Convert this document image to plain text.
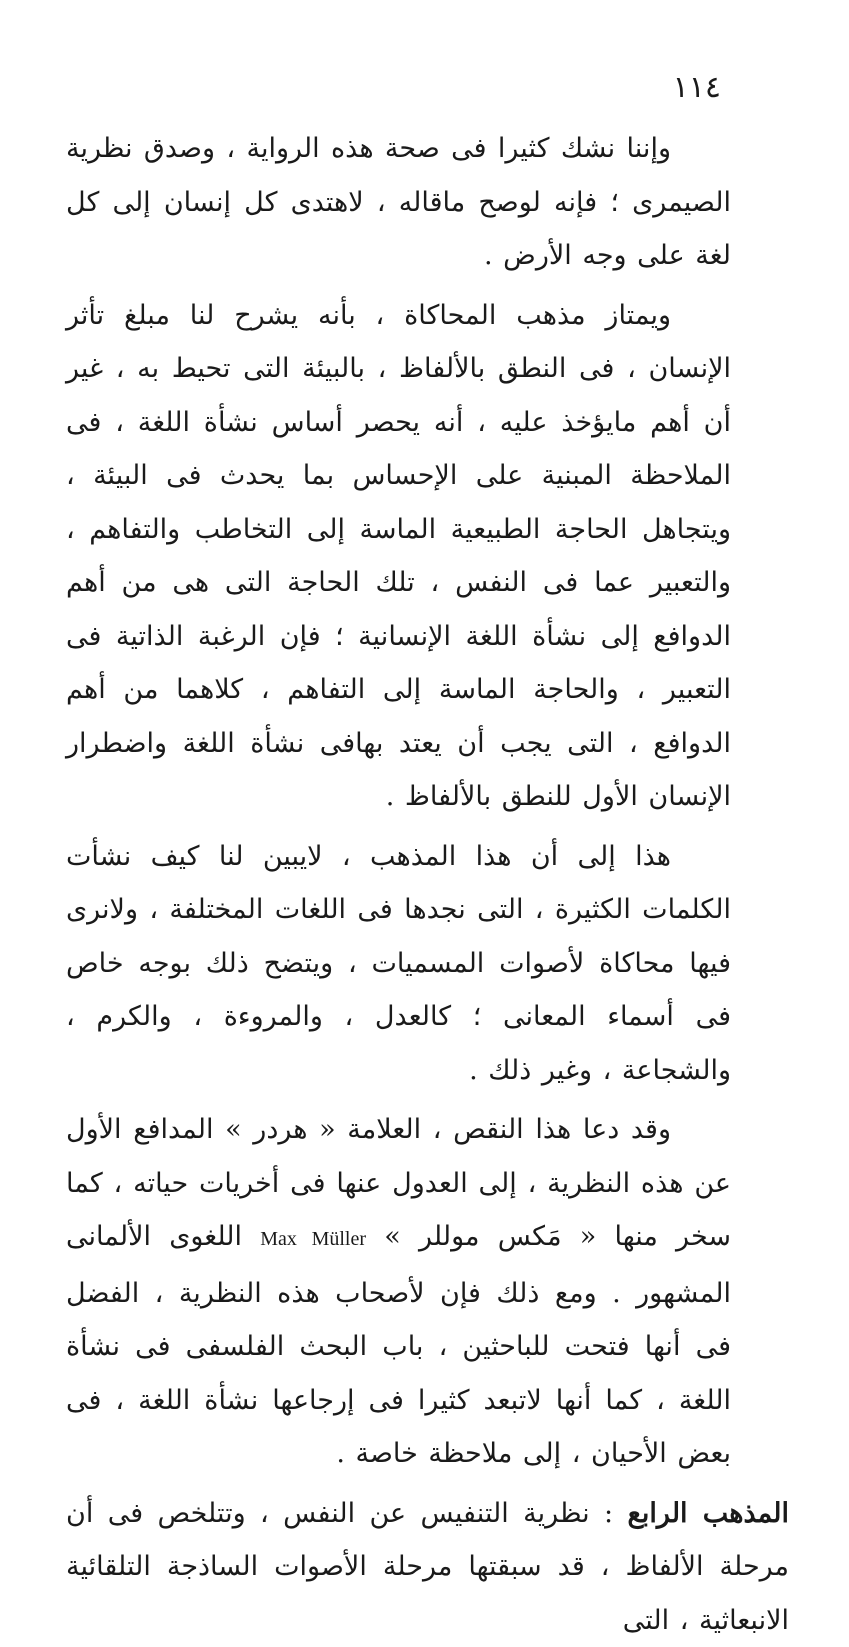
١١٤

وإننا نشك كثيرا فى صحة هذه الرواية ، وصدق نظرية الصيمرى ؛ فإنه لوصح ماقاله ، لاهتدى كل إنسان إلى كل لغة على وجه الأرض .

ويمتاز مذهب المحاكاة ، بأنه يشرح لنا مبلغ تأثر الإنسان ، فى النطق بالألفاظ ، بالبيئة التى تحيط به ، غير أن أهم مايؤخذ عليه ، أنه يحصر أساس نشأة اللغة ، فى الملاحظة المبنية على الإحساس بما يحدث فى البيئة ، ويتجاهل الحاجة الطبيعية الماسة إلى التخاطب والتفاهم ، والتعبير عما فى النفس ، تلك الحاجة التى هى من أهم الدوافع إلى نشأة اللغة الإنسانية ؛ فإن الرغبة الذاتية فى التعبير ، والحاجة الماسة إلى التفاهم ، كلاهما من أهم الدوافع ، التى يجب أن يعتد بهافى نشأة اللغة واضطرار الإنسان الأول للنطق بالألفاظ .

هذا إلى أن هذا المذهب ، لايبين لنا كيف نشأت الكلمات الكثيرة ، التى نجدها فى اللغات المختلفة ، ولانرى فيها محاكاة لأصوات المسميات ، ويتضح ذلك بوجه خاص فى أسماء المعانى ؛ كالعدل ، والمروءة ، والكرم ، والشجاعة ، وغير ذلك .

وقد دعا هذا النقص ، العلامة « هردر » المدافع الأول عن هذه النظرية ، إلى العدول عنها فى أخريات حياته ، كما سخر منها « مَكس موللر » Max Müller اللغوى الألمانى المشهور . ومع ذلك فإن لأصحاب هذه النظرية ، الفضل فى أنها فتحت للباحثين ، باب البحث الفلسفى فى نشأة اللغة ، كما أنها لاتبعد كثيرا فى إرجاعها نشأة اللغة ، فى بعض الأحيان ، إلى ملاحظة خاصة .

المذهب الرابع : نظرية التنفيس عن النفس ، وتتلخص فى أن مرحلة الألفاظ ، قد سبقتها مرحلة الأصوات الساذجة التلقائية الانبعاثية ، التى
